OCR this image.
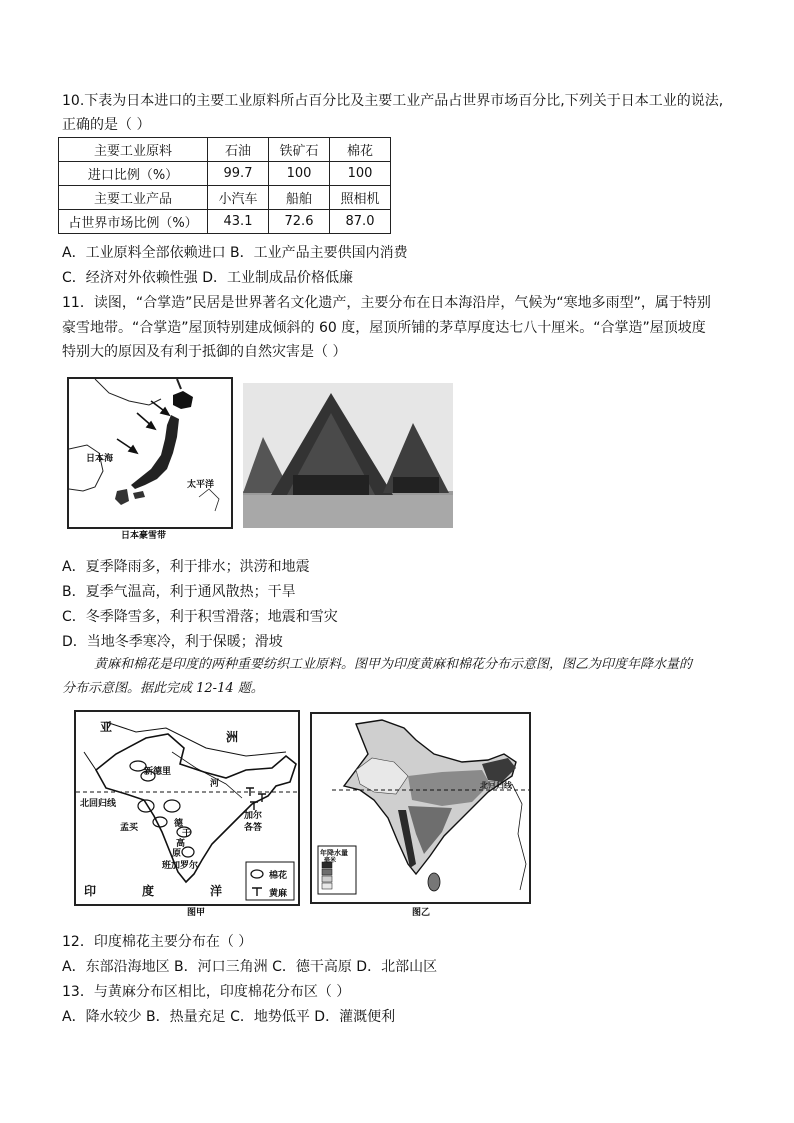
10.下表为日本进口的主要工业原料所占百分比及主要工业产品占世界市场百分比,下列关于日本工业的说法,
正确的是（ ）
主要工业原料	石油	铁矿石	棉花
进口比例（%）	99.7	100	100
主要工业产品	小汽车	船舶	照相机
占世界市场比例（%）	43.1	72.6	87.0
A．工业原料全部依赖进口 B．工业产品主要供国内消费
C．经济对外依赖性强 D．工业制成品价格低廉
11．读图，“合掌造”民居是世界著名文化遗产，主要分布在日本海沿岸，气候为“寒地多雨型”，属于特别
豪雪地带。“合掌造”屋顶特别建成倾斜的 60 度，屋顶所铺的茅草厚度达七八十厘米。“合掌造”屋顶坡度
特别大的原因及有利于抵御的自然灾害是（ ）
日本海
太平洋
日本豪雪带
A．夏季降雨多，利于排水；洪涝和地震
B．夏季气温高，利于通风散热；干旱
C．冬季降雪多，利于积雪滑落；地震和雪灾
D．当地冬季寒冷，利于保暖；滑坡
黄麻和棉花是印度的两种重要纺织工业原料。图甲为印度黄麻和棉花分布示意图，图乙为印度年降水量的
分布示意图。据此完成 12-14 题。
亚
洲
新德里
河
北回归线
孟买	德
干
高
原
加尔
各答
班加罗尔
印	度	洋
棉花
黄麻
图甲
北回归线
年降水量
毫米
图乙
12．印度棉花主要分布在（ ）
A．东部沿海地区 B．河口三角洲 C．德干高原 D．北部山区
13．与黄麻分布区相比，印度棉花分布区（ ）
A．降水较少 B．热量充足 C．地势低平 D．灌溉便利
